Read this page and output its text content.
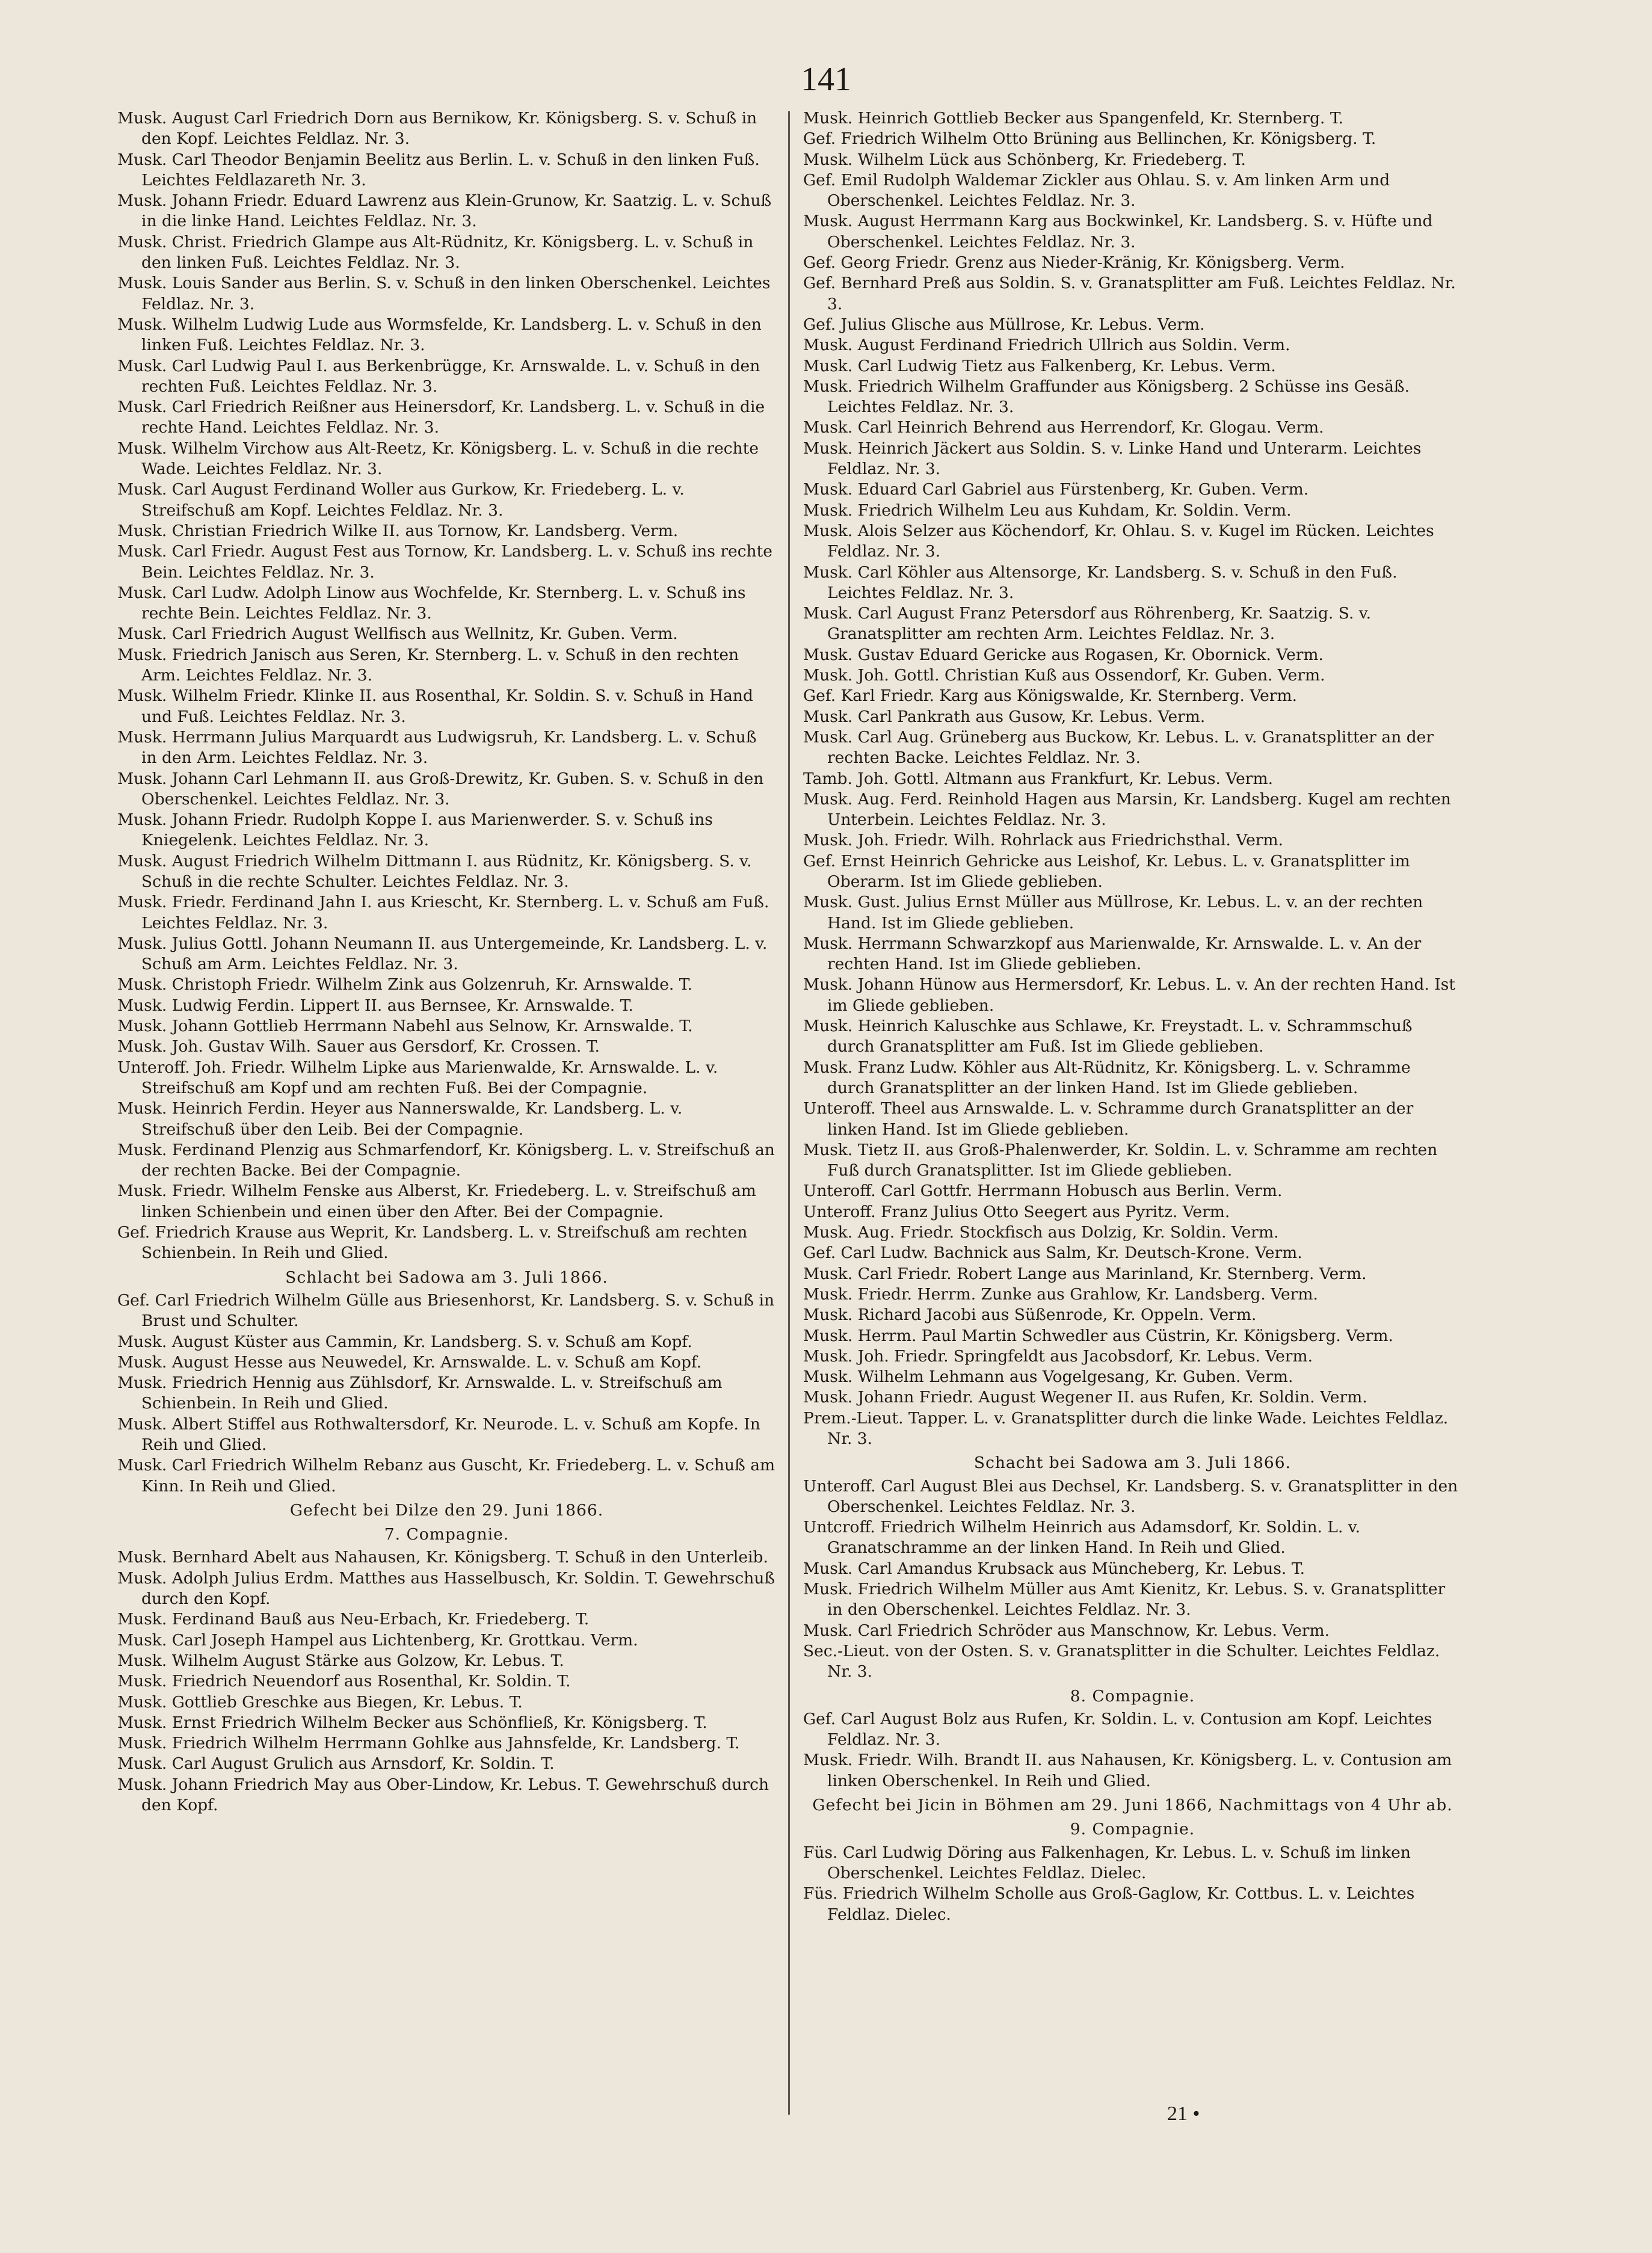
141

Musk. August Carl Friedrich Dorn aus Bernikow, Kr. Königsberg. S. v. Schuß in den Kopf. Leichtes Feldlaz. Nr. 3.

Musk. Carl Theodor Benjamin Beelitz aus Berlin. L. v. Schuß in den linken Fuß. Leichtes Feldlazareth Nr. 3.

Musk. Johann Friedr. Eduard Lawrenz aus Klein-Grunow, Kr. Saatzig. L. v. Schuß in die linke Hand. Leichtes Feldlaz. Nr. 3.

Musk. Christ. Friedrich Glampe aus Alt-Rüdnitz, Kr. Königsberg. L. v. Schuß in den linken Fuß. Leichtes Feldlaz. Nr. 3.

Musk. Louis Sander aus Berlin. S. v. Schuß in den linken Oberschenkel. Leichtes Feldlaz. Nr. 3.

Musk. Wilhelm Ludwig Lude aus Wormsfelde, Kr. Landsberg. L. v. Schuß in den linken Fuß. Leichtes Feldlaz. Nr. 3.

Musk. Carl Ludwig Paul I. aus Berkenbrügge, Kr. Arnswalde. L. v. Schuß in den rechten Fuß. Leichtes Feldlaz. Nr. 3.

Musk. Carl Friedrich Reißner aus Heinersdorf, Kr. Landsberg. L. v. Schuß in die rechte Hand. Leichtes Feldlaz. Nr. 3.

Musk. Wilhelm Virchow aus Alt-Reetz, Kr. Königsberg. L. v. Schuß in die rechte Wade. Leichtes Feldlaz. Nr. 3.

Musk. Carl August Ferdinand Woller aus Gurkow, Kr. Friedeberg. L. v. Streifschuß am Kopf. Leichtes Feldlaz. Nr. 3.

Musk. Christian Friedrich Wilke II. aus Tornow, Kr. Landsberg. Verm.

Musk. Carl Friedr. August Fest aus Tornow, Kr. Landsberg. L. v. Schuß ins rechte Bein. Leichtes Feldlaz. Nr. 3.

Musk. Carl Ludw. Adolph Linow aus Wochfelde, Kr. Sternberg. L. v. Schuß ins rechte Bein. Leichtes Feldlaz. Nr. 3.

Musk. Carl Friedrich August Wellfisch aus Wellnitz, Kr. Guben. Verm.

Musk. Friedrich Janisch aus Seren, Kr. Sternberg. L. v. Schuß in den rechten Arm. Leichtes Feldlaz. Nr. 3.

Musk. Wilhelm Friedr. Klinke II. aus Rosenthal, Kr. Soldin. S. v. Schuß in Hand und Fuß. Leichtes Feldlaz. Nr. 3.

Musk. Herrmann Julius Marquardt aus Ludwigsruh, Kr. Landsberg. L. v. Schuß in den Arm. Leichtes Feldlaz. Nr. 3.

Musk. Johann Carl Lehmann II. aus Groß-Drewitz, Kr. Guben. S. v. Schuß in den Oberschenkel. Leichtes Feldlaz. Nr. 3.

Musk. Johann Friedr. Rudolph Koppe I. aus Marienwerder. S. v. Schuß ins Kniegelenk. Leichtes Feldlaz. Nr. 3.

Musk. August Friedrich Wilhelm Dittmann I. aus Rüdnitz, Kr. Königsberg. S. v. Schuß in die rechte Schulter. Leichtes Feldlaz. Nr. 3.

Musk. Friedr. Ferdinand Jahn I. aus Kriescht, Kr. Sternberg. L. v. Schuß am Fuß. Leichtes Feldlaz. Nr. 3.

Musk. Julius Gottl. Johann Neumann II. aus Untergemeinde, Kr. Landsberg. L. v. Schuß am Arm. Leichtes Feldlaz. Nr. 3.

Musk. Christoph Friedr. Wilhelm Zink aus Golzenruh, Kr. Arnswalde. T.

Musk. Ludwig Ferdin. Lippert II. aus Bernsee, Kr. Arnswalde. T.

Musk. Johann Gottlieb Herrmann Nabehl aus Selnow, Kr. Arnswalde. T.

Musk. Joh. Gustav Wilh. Sauer aus Gersdorf, Kr. Crossen. T.

Unteroff. Joh. Friedr. Wilhelm Lipke aus Marienwalde, Kr. Arnswalde. L. v. Streifschuß am Kopf und am rechten Fuß. Bei der Compagnie.

Musk. Heinrich Ferdin. Heyer aus Nannerswalde, Kr. Landsberg. L. v. Streifschuß über den Leib. Bei der Compagnie.

Musk. Ferdinand Plenzig aus Schmarfendorf, Kr. Königsberg. L. v. Streifschuß an der rechten Backe. Bei der Compagnie.

Musk. Friedr. Wilhelm Fenske aus Alberst, Kr. Friedeberg. L. v. Streifschuß am linken Schienbein und einen über den After. Bei der Compagnie.

Gef. Friedrich Krause aus Weprit, Kr. Landsberg. L. v. Streifschuß am rechten Schienbein. In Reih und Glied.

Schlacht bei Sadowa am 3. Juli 1866.

Gef. Carl Friedrich Wilhelm Gülle aus Briesenhorst, Kr. Landsberg. S. v. Schuß in Brust und Schulter.

Musk. August Küster aus Cammin, Kr. Landsberg. S. v. Schuß am Kopf.

Musk. August Hesse aus Neuwedel, Kr. Arnswalde. L. v. Schuß am Kopf.

Musk. Friedrich Hennig aus Zühlsdorf, Kr. Arnswalde. L. v. Streifschuß am Schienbein. In Reih und Glied.

Musk. Albert Stiffel aus Rothwaltersdorf, Kr. Neurode. L. v. Schuß am Kopfe. In Reih und Glied.

Musk. Carl Friedrich Wilhelm Rebanz aus Guscht, Kr. Friedeberg. L. v. Schuß am Kinn. In Reih und Glied.

Gefecht bei Dilze den 29. Juni 1866.

7. Compagnie.

Musk. Bernhard Abelt aus Nahausen, Kr. Königsberg. T. Schuß in den Unterleib.

Musk. Adolph Julius Erdm. Matthes aus Hasselbusch, Kr. Soldin. T. Gewehrschuß durch den Kopf.

Musk. Ferdinand Bauß aus Neu-Erbach, Kr. Friedeberg. T.

Musk. Carl Joseph Hampel aus Lichtenberg, Kr. Grottkau. Verm.

Musk. Wilhelm August Stärke aus Golzow, Kr. Lebus. T.

Musk. Friedrich Neuendorf aus Rosenthal, Kr. Soldin. T.

Musk. Gottlieb Greschke aus Biegen, Kr. Lebus. T.

Musk. Ernst Friedrich Wilhelm Becker aus Schönfließ, Kr. Königsberg. T.

Musk. Friedrich Wilhelm Herrmann Gohlke aus Jahnsfelde, Kr. Landsberg. T.

Musk. Carl August Grulich aus Arnsdorf, Kr. Soldin. T.

Musk. Johann Friedrich May aus Ober-Lindow, Kr. Lebus. T. Gewehrschuß durch den Kopf.

Musk. Heinrich Gottlieb Becker aus Spangenfeld, Kr. Sternberg. T.

Gef. Friedrich Wilhelm Otto Brüning aus Bellinchen, Kr. Königsberg. T.

Musk. Wilhelm Lück aus Schönberg, Kr. Friedeberg. T.

Gef. Emil Rudolph Waldemar Zickler aus Ohlau. S. v. Am linken Arm und Oberschenkel. Leichtes Feldlaz. Nr. 3.

Musk. August Herrmann Karg aus Bockwinkel, Kr. Landsberg. S. v. Hüfte und Oberschenkel. Leichtes Feldlaz. Nr. 3.

Gef. Georg Friedr. Grenz aus Nieder-Kränig, Kr. Königsberg. Verm.

Gef. Bernhard Preß aus Soldin. S. v. Granatsplitter am Fuß. Leichtes Feldlaz. Nr. 3.

Gef. Julius Glische aus Müllrose, Kr. Lebus. Verm.

Musk. August Ferdinand Friedrich Ullrich aus Soldin. Verm.

Musk. Carl Ludwig Tietz aus Falkenberg, Kr. Lebus. Verm.

Musk. Friedrich Wilhelm Graffunder aus Königsberg. 2 Schüsse ins Gesäß. Leichtes Feldlaz. Nr. 3.

Musk. Carl Heinrich Behrend aus Herrendorf, Kr. Glogau. Verm.

Musk. Heinrich Jäckert aus Soldin. S. v. Linke Hand und Unterarm. Leichtes Feldlaz. Nr. 3.

Musk. Eduard Carl Gabriel aus Fürstenberg, Kr. Guben. Verm.

Musk. Friedrich Wilhelm Leu aus Kuhdam, Kr. Soldin. Verm.

Musk. Alois Selzer aus Köchendorf, Kr. Ohlau. S. v. Kugel im Rücken. Leichtes Feldlaz. Nr. 3.

Musk. Carl Köhler aus Altensorge, Kr. Landsberg. S. v. Schuß in den Fuß. Leichtes Feldlaz. Nr. 3.

Musk. Carl August Franz Petersdorf aus Röhrenberg, Kr. Saatzig. S. v. Granatsplitter am rechten Arm. Leichtes Feldlaz. Nr. 3.

Musk. Gustav Eduard Gericke aus Rogasen, Kr. Obornick. Verm.

Musk. Joh. Gottl. Christian Kuß aus Ossendorf, Kr. Guben. Verm.

Gef. Karl Friedr. Karg aus Königswalde, Kr. Sternberg. Verm.

Musk. Carl Pankrath aus Gusow, Kr. Lebus. Verm.

Musk. Carl Aug. Grüneberg aus Buckow, Kr. Lebus. L. v. Granatsplitter an der rechten Backe. Leichtes Feldlaz. Nr. 3.

Tamb. Joh. Gottl. Altmann aus Frankfurt, Kr. Lebus. Verm.

Musk. Aug. Ferd. Reinhold Hagen aus Marsin, Kr. Landsberg. Kugel am rechten Unterbein. Leichtes Feldlaz. Nr. 3.

Musk. Joh. Friedr. Wilh. Rohrlack aus Friedrichsthal. Verm.

Gef. Ernst Heinrich Gehricke aus Leishof, Kr. Lebus. L. v. Granatsplitter im Oberarm. Ist im Gliede geblieben.

Musk. Gust. Julius Ernst Müller aus Müllrose, Kr. Lebus. L. v. an der rechten Hand. Ist im Gliede geblieben.

Musk. Herrmann Schwarzkopf aus Marienwalde, Kr. Arnswalde. L. v. An der rechten Hand. Ist im Gliede geblieben.

Musk. Johann Hünow aus Hermersdorf, Kr. Lebus. L. v. An der rechten Hand. Ist im Gliede geblieben.

Musk. Heinrich Kaluschke aus Schlawe, Kr. Freystadt. L. v. Schrammschuß durch Granatsplitter am Fuß. Ist im Gliede geblieben.

Musk. Franz Ludw. Köhler aus Alt-Rüdnitz, Kr. Königsberg. L. v. Schramme durch Granatsplitter an der linken Hand. Ist im Gliede geblieben.

Unteroff. Theel aus Arnswalde. L. v. Schramme durch Granatsplitter an der linken Hand. Ist im Gliede geblieben.

Musk. Tietz II. aus Groß-Phalenwerder, Kr. Soldin. L. v. Schramme am rechten Fuß durch Granatsplitter. Ist im Gliede geblieben.

Unteroff. Carl Gottfr. Herrmann Hobusch aus Berlin. Verm.

Unteroff. Franz Julius Otto Seegert aus Pyritz. Verm.

Musk. Aug. Friedr. Stockfisch aus Dolzig, Kr. Soldin. Verm.

Gef. Carl Ludw. Bachnick aus Salm, Kr. Deutsch-Krone. Verm.

Musk. Carl Friedr. Robert Lange aus Marinland, Kr. Sternberg. Verm.

Musk. Friedr. Herrm. Zunke aus Grahlow, Kr. Landsberg. Verm.

Musk. Richard Jacobi aus Süßenrode, Kr. Oppeln. Verm.

Musk. Herrm. Paul Martin Schwedler aus Cüstrin, Kr. Königsberg. Verm.

Musk. Joh. Friedr. Springfeldt aus Jacobsdorf, Kr. Lebus. Verm.

Musk. Wilhelm Lehmann aus Vogelgesang, Kr. Guben. Verm.

Musk. Johann Friedr. August Wegener II. aus Rufen, Kr. Soldin. Verm.

Prem.-Lieut. Tapper. L. v. Granatsplitter durch die linke Wade. Leichtes Feldlaz. Nr. 3.

Schacht bei Sadowa am 3. Juli 1866.

Unteroff. Carl August Blei aus Dechsel, Kr. Landsberg. S. v. Granatsplitter in den Oberschenkel. Leichtes Feldlaz. Nr. 3.

Untcroff. Friedrich Wilhelm Heinrich aus Adamsdorf, Kr. Soldin. L. v. Granatschramme an der linken Hand. In Reih und Glied.

Musk. Carl Amandus Krubsack aus Müncheberg, Kr. Lebus. T.

Musk. Friedrich Wilhelm Müller aus Amt Kienitz, Kr. Lebus. S. v. Granatsplitter in den Oberschenkel. Leichtes Feldlaz. Nr. 3.

Musk. Carl Friedrich Schröder aus Manschnow, Kr. Lebus. Verm.

Sec.-Lieut. von der Osten. S. v. Granatsplitter in die Schulter. Leichtes Feldlaz. Nr. 3.

8. Compagnie.

Gef. Carl August Bolz aus Rufen, Kr. Soldin. L. v. Contusion am Kopf. Leichtes Feldlaz. Nr. 3.

Musk. Friedr. Wilh. Brandt II. aus Nahausen, Kr. Königsberg. L. v. Contusion am linken Oberschenkel. In Reih und Glied.

Gefecht bei Jicin in Böhmen am 29. Juni 1866, Nachmittags von 4 Uhr ab.

9. Compagnie.

Füs. Carl Ludwig Döring aus Falkenhagen, Kr. Lebus. L. v. Schuß im linken Oberschenkel. Leichtes Feldlaz. Dielec.

Füs. Friedrich Wilhelm Scholle aus Groß-Gaglow, Kr. Cottbus. L. v. Leichtes Feldlaz. Dielec.

21 •
